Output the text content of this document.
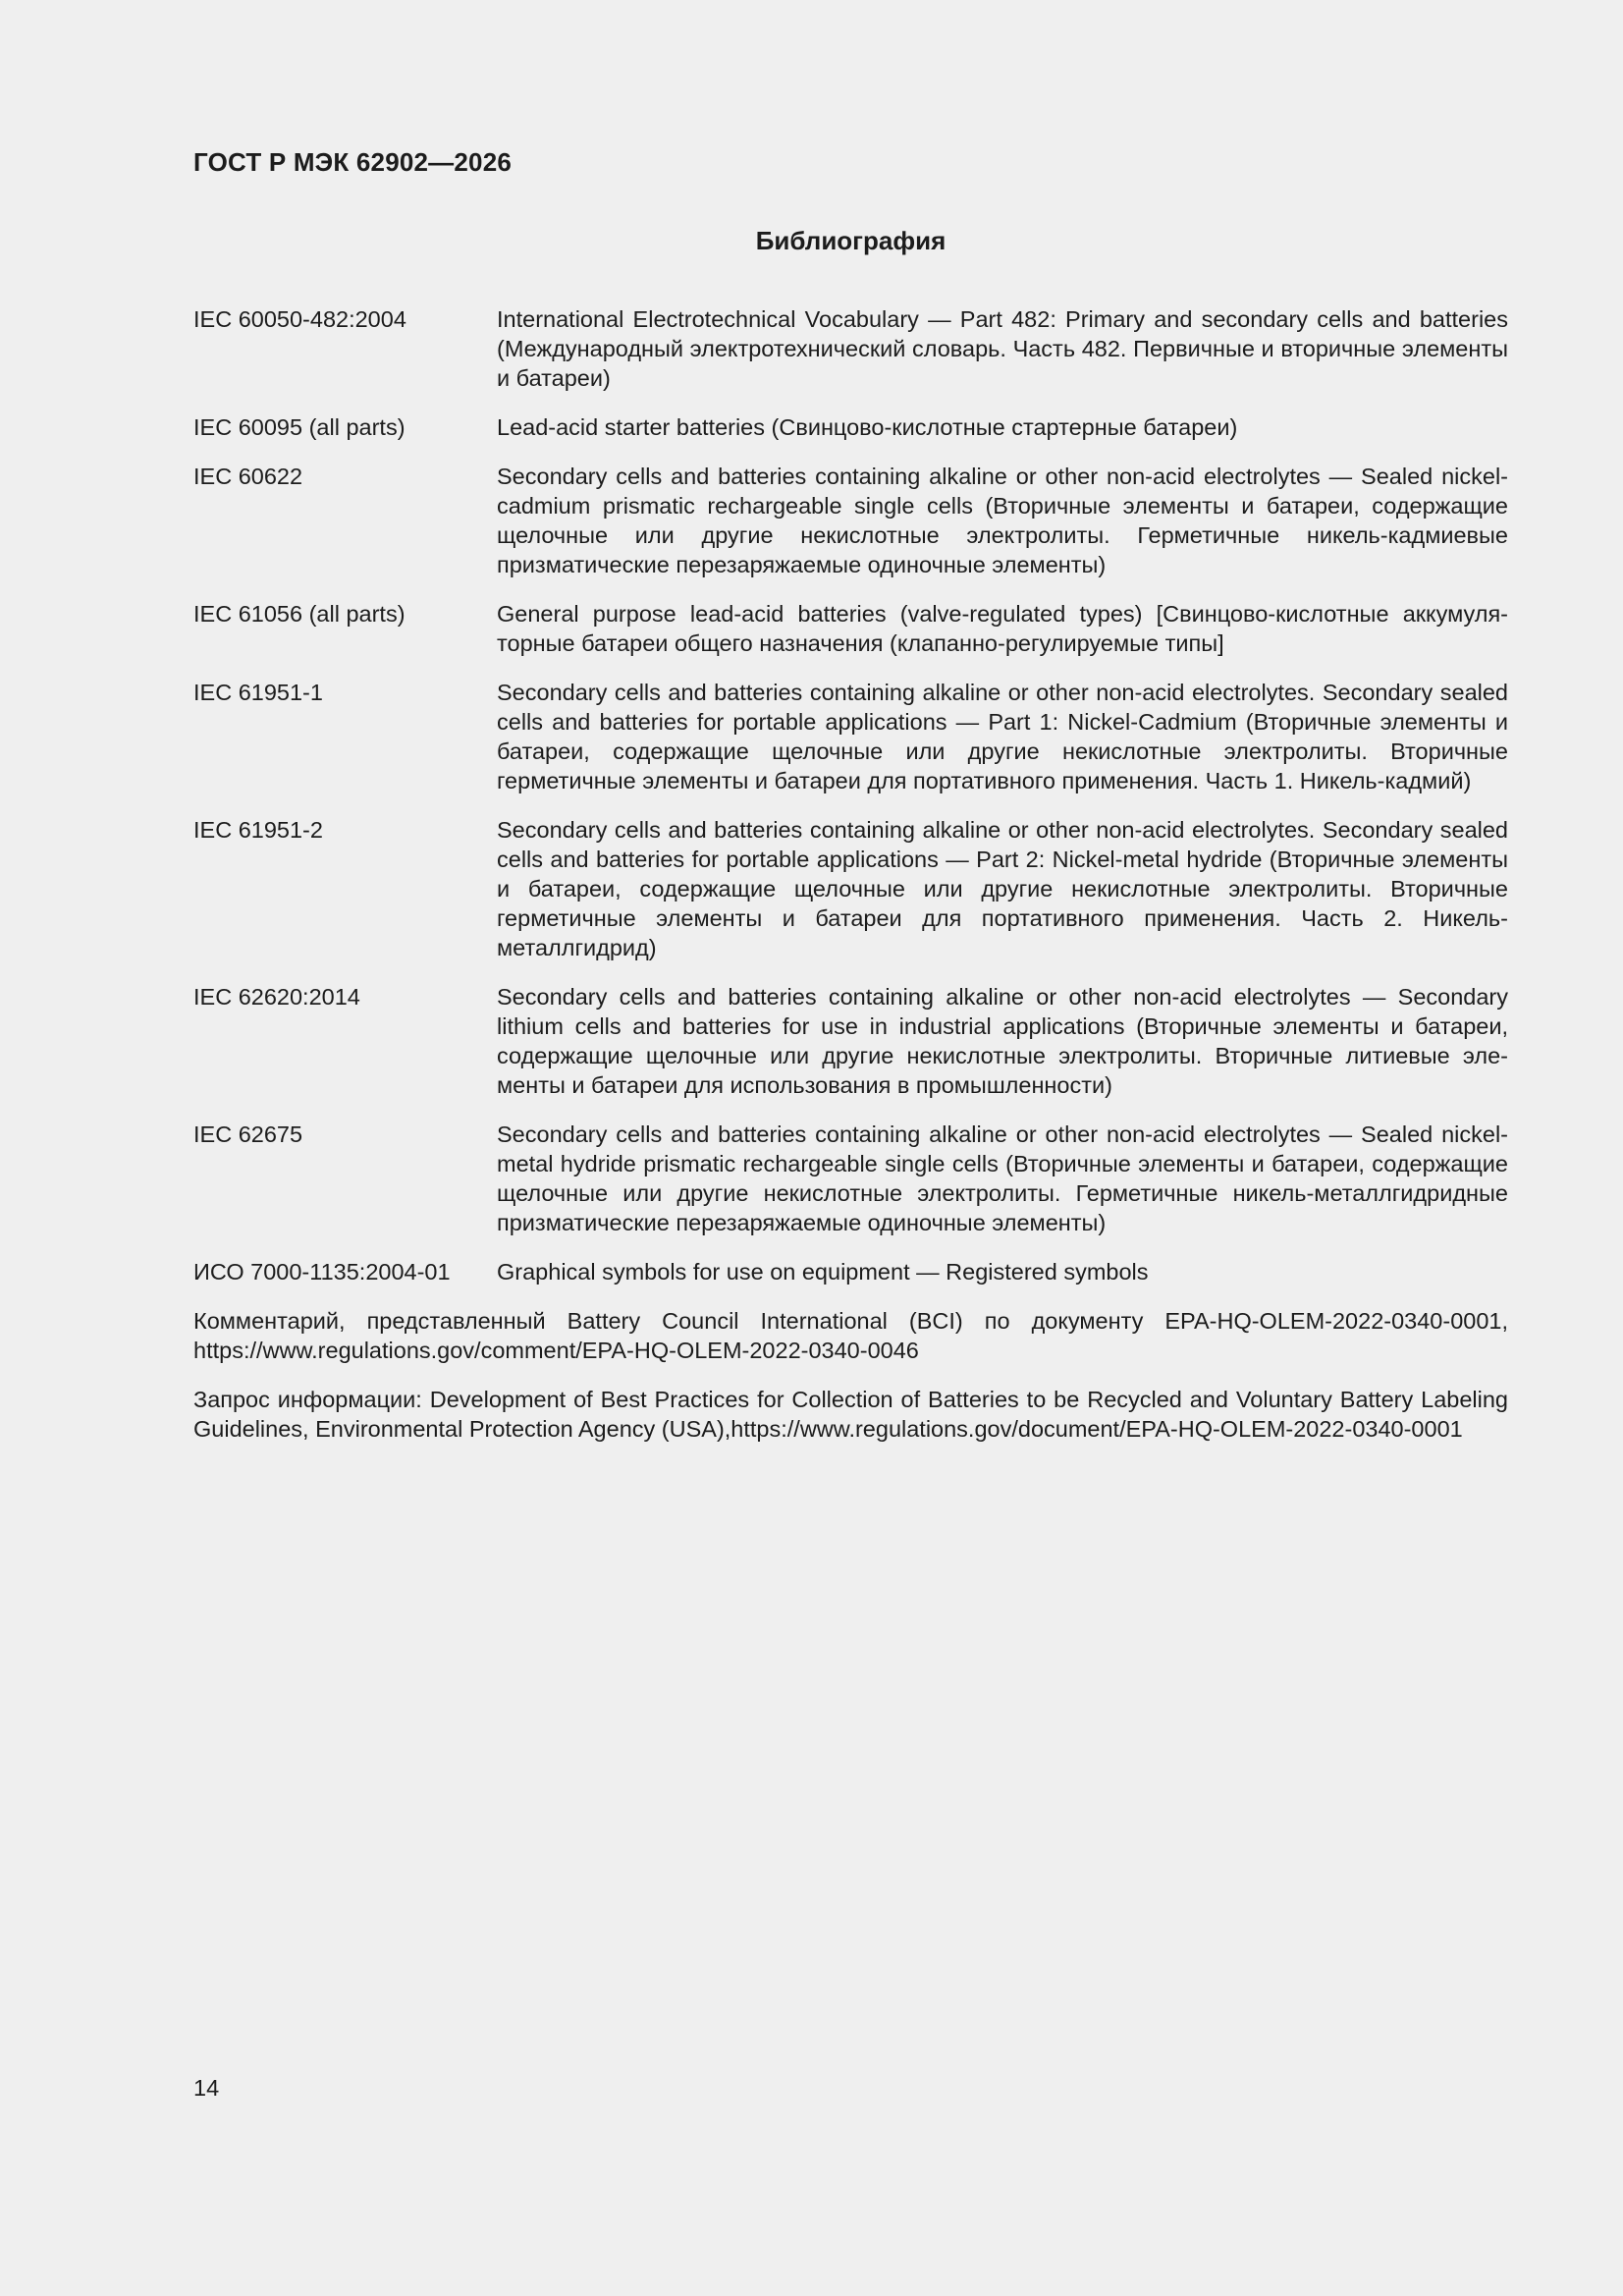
ГОСТ Р МЭК 62902—2026
Библиография
IEC 60050-482:2004	International Electrotechnical Vocabulary — Part 482: Primary and secondary cells and batteries (Международный электротехнический словарь. Часть 482. Первичные и вторичные элементы и батареи)
IEC 60095 (all parts)	Lead-acid starter batteries (Свинцово-кислотные стартерные батареи)
IEC 60622	Secondary cells and batteries containing alkaline or other non-acid electrolytes — Sealed nickel-cadmium prismatic rechargeable single cells (Вторичные элементы и батареи, содержащие щелочные или другие некислотные электролиты. Герметичные никель-кадмиевые призматические перезаряжаемые одиночные элементы)
IEC 61056 (all parts)	General purpose lead-acid batteries (valve-regulated types) [Свинцово-кислотные аккумуляторные батареи общего назначения (клапанно-регулируемые типы]
IEC 61951-1	Secondary cells and batteries containing alkaline or other non-acid electrolytes. Secondary sealed cells and batteries for portable applications — Part 1: Nickel-Cadmium (Вторичные элементы и батареи, содержащие щелочные или другие некислотные электролиты. Вторичные герметичные элементы и батареи для портативного применения. Часть 1. Никель-кадмий)
IEC 61951-2	Secondary cells and batteries containing alkaline or other non-acid electrolytes. Secondary sealed cells and batteries for portable applications — Part 2: Nickel-metal hydride (Вторичные элементы и батареи, содержащие щелочные или другие некислотные электролиты. Вторичные герметичные элементы и батареи для портативного применения. Часть 2. Никель-металлгидрид)
IEC 62620:2014	Secondary cells and batteries containing alkaline or other non-acid electrolytes — Secondary lithium cells and batteries for use in industrial applications (Вторичные элементы и батареи, содержащие щелочные или другие некислотные электролиты. Вторичные литиевые элементы и батареи для использования в промышленности)
IEC 62675	Secondary cells and batteries containing alkaline or other non-acid electrolytes — Sealed nickel-metal hydride prismatic rechargeable single cells (Вторичные элементы и батареи, содержащие щелочные или другие некислотные электролиты. Герметичные никель-металлгидридные призматические перезаряжаемые одиночные элементы)
ИСО 7000-1135:2004-01	Graphical symbols for use on equipment — Registered symbols
Комментарий, представленный Battery Council International (BCI) по документу EPA-HQ-OLEM-2022-0340-0001, https://www.regulations.gov/comment/EPA-HQ-OLEM-2022-0340-0046
Запрос информации: Development of Best Practices for Collection of Batteries to be Recycled and Voluntary Battery Labeling Guidelines, Environmental Protection Agency (USA),https://www.regulations.gov/document/​EPA-HQ-OLEM-2022-0340-0001
14
